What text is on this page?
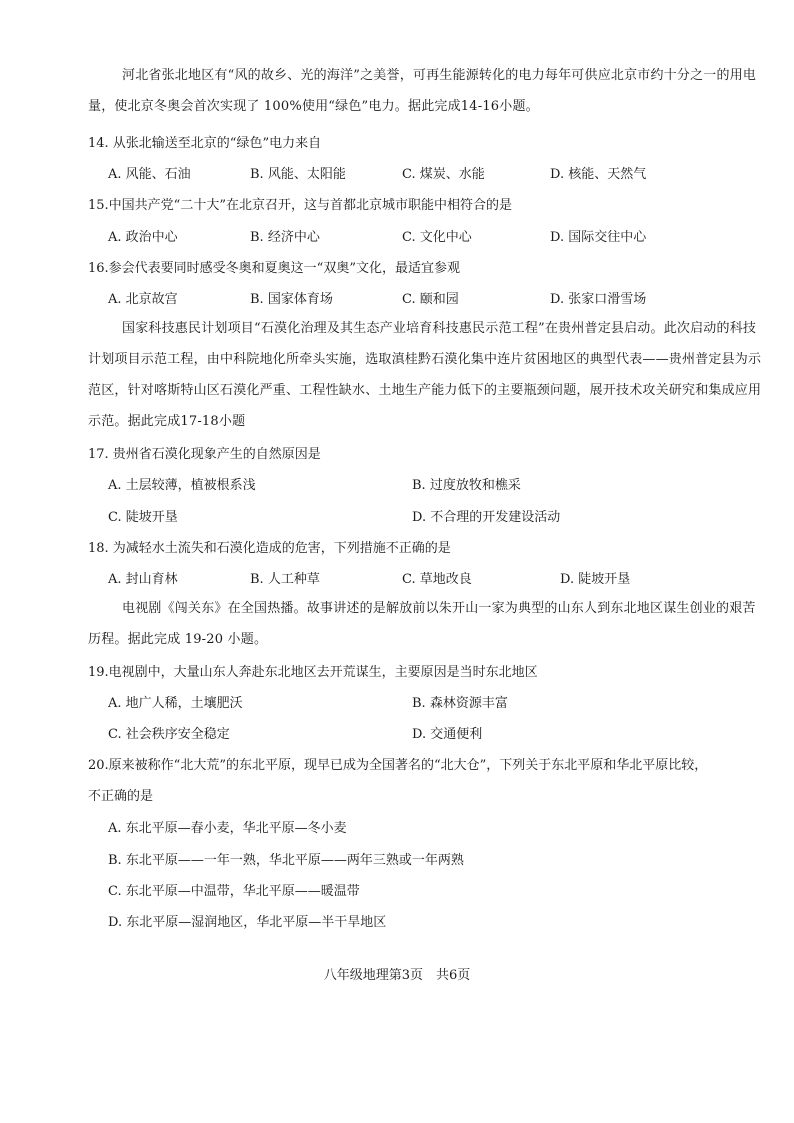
河北省张北地区有“风的故乡、光的海洋”之美誉，可再生能源转化的电力每年可供应北京市约十分之一的用电量，使北京冬奥会首次实现了 100%使用“绿色”电力。据此完成14-16小题。
14. 从张北输送至北京的“绿色”电力来自
A. 风能、石油	B. 风能、太阳能	C. 煤炭、水能	D. 核能、天然气
15.中国共产党“二十大”在北京召开，这与首都北京城市职能中相符合的是
A. 政治中心	B. 经济中心	C. 文化中心	D. 国际交往中心
16.参会代表要同时感受冬奥和夏奥这一“双奥”文化，最适宜参观
A. 北京故宫	B. 国家体育场	C. 颐和园	D. 张家口滑雪场
国家科技惠民计划项目“石漠化治理及其生态产业培育科技惠民示范工程”在贵州普定县启动。此次启动的科技计划项目示范工程，由中科院地化所牵头实施，选取滇桂黔石漠化集中连片贫困地区的典型代表——贵州普定县为示范区，针对喀斯特山区石漠化严重、工程性缺水、土地生产能力低下的主要瓶颈问题，展开技术攻关研究和集成应用示范。据此完成17-18小题
17. 贵州省石漠化现象产生的自然原因是
A. 土层较薄，植被根系浅	B. 过度放牧和樵采
C. 陡坡开垦	D. 不合理的开发建设活动
18. 为减轻水土流失和石漠化造成的危害，下列措施不正确的是
A. 封山育林	B. 人工种草	C. 草地改良	D. 陡坡开垦
电视剧《闯关东》在全国热播。故事讲述的是解放前以朱开山一家为典型的山东人到东北地区谋生创业的艰苦历程。据此完成 19-20 小题。
19.电视剧中，大量山东人奔赴东北地区去开荒谋生，主要原因是当时东北地区
A. 地广人稀，土壤肥沃	B. 森林资源丰富
C. 社会秩序安全稳定	D. 交通便利
20.原来被称作“北大荒”的东北平原，现早已成为全国著名的“北大仓”，下列关于东北平原和华北平原比较，
不正确的是
A. 东北平原—春小麦，华北平原—冬小麦
B. 东北平原——一年一熟，华北平原——两年三熟或一年两熟
C. 东北平原—中温带，华北平原——暖温带
D. 东北平原—湿润地区，华北平原—半干旱地区
八年级地理第3页　共6页
